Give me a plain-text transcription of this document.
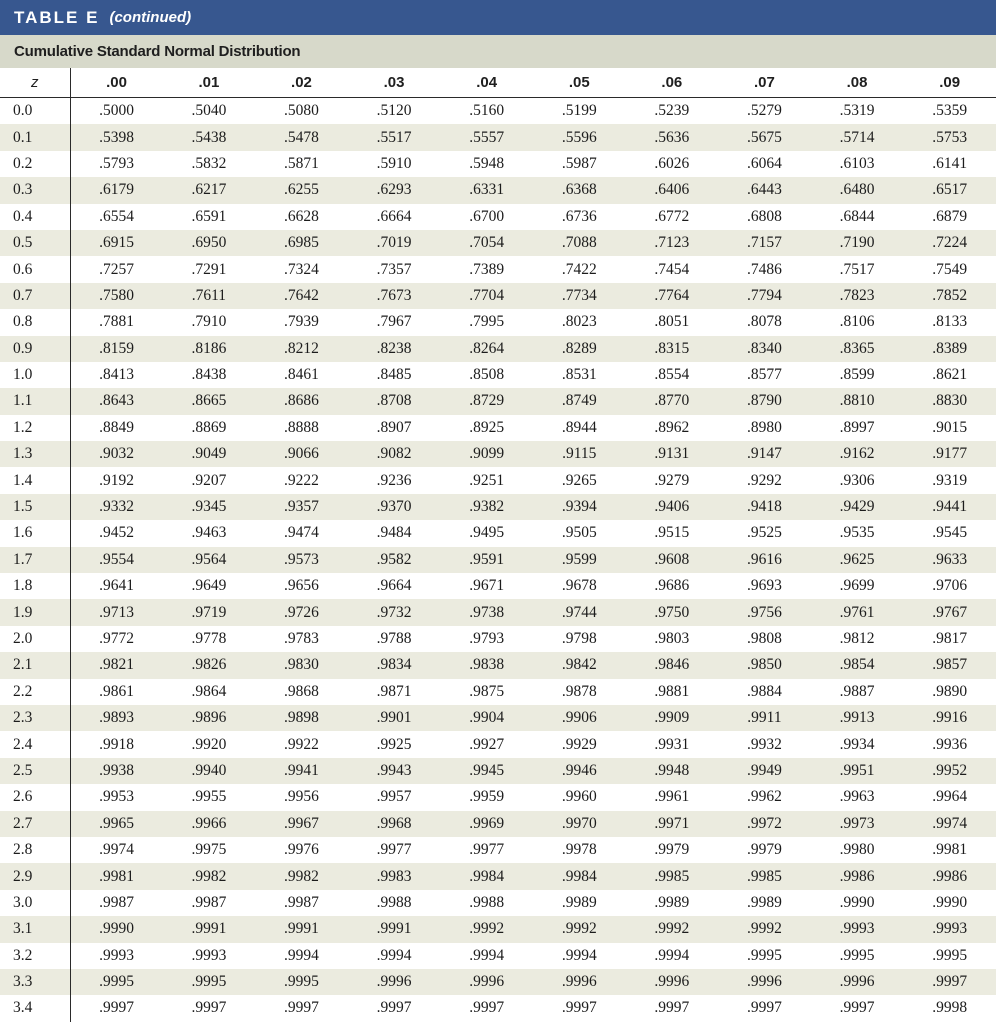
TABLE E (continued)
Cumulative Standard Normal Distribution
z	.00	.01	.02	.03	.04	.05	.06	.07	.08	.09
0.0	.5000	.5040	.5080	.5120	.5160	.5199	.5239	.5279	.5319	.5359
0.1	.5398	.5438	.5478	.5517	.5557	.5596	.5636	.5675	.5714	.5753
0.2	.5793	.5832	.5871	.5910	.5948	.5987	.6026	.6064	.6103	.6141
0.3	.6179	.6217	.6255	.6293	.6331	.6368	.6406	.6443	.6480	.6517
0.4	.6554	.6591	.6628	.6664	.6700	.6736	.6772	.6808	.6844	.6879
0.5	.6915	.6950	.6985	.7019	.7054	.7088	.7123	.7157	.7190	.7224
0.6	.7257	.7291	.7324	.7357	.7389	.7422	.7454	.7486	.7517	.7549
0.7	.7580	.7611	.7642	.7673	.7704	.7734	.7764	.7794	.7823	.7852
0.8	.7881	.7910	.7939	.7967	.7995	.8023	.8051	.8078	.8106	.8133
0.9	.8159	.8186	.8212	.8238	.8264	.8289	.8315	.8340	.8365	.8389
1.0	.8413	.8438	.8461	.8485	.8508	.8531	.8554	.8577	.8599	.8621
1.1	.8643	.8665	.8686	.8708	.8729	.8749	.8770	.8790	.8810	.8830
1.2	.8849	.8869	.8888	.8907	.8925	.8944	.8962	.8980	.8997	.9015
1.3	.9032	.9049	.9066	.9082	.9099	.9115	.9131	.9147	.9162	.9177
1.4	.9192	.9207	.9222	.9236	.9251	.9265	.9279	.9292	.9306	.9319
1.5	.9332	.9345	.9357	.9370	.9382	.9394	.9406	.9418	.9429	.9441
1.6	.9452	.9463	.9474	.9484	.9495	.9505	.9515	.9525	.9535	.9545
1.7	.9554	.9564	.9573	.9582	.9591	.9599	.9608	.9616	.9625	.9633
1.8	.9641	.9649	.9656	.9664	.9671	.9678	.9686	.9693	.9699	.9706
1.9	.9713	.9719	.9726	.9732	.9738	.9744	.9750	.9756	.9761	.9767
2.0	.9772	.9778	.9783	.9788	.9793	.9798	.9803	.9808	.9812	.9817
2.1	.9821	.9826	.9830	.9834	.9838	.9842	.9846	.9850	.9854	.9857
2.2	.9861	.9864	.9868	.9871	.9875	.9878	.9881	.9884	.9887	.9890
2.3	.9893	.9896	.9898	.9901	.9904	.9906	.9909	.9911	.9913	.9916
2.4	.9918	.9920	.9922	.9925	.9927	.9929	.9931	.9932	.9934	.9936
2.5	.9938	.9940	.9941	.9943	.9945	.9946	.9948	.9949	.9951	.9952
2.6	.9953	.9955	.9956	.9957	.9959	.9960	.9961	.9962	.9963	.9964
2.7	.9965	.9966	.9967	.9968	.9969	.9970	.9971	.9972	.9973	.9974
2.8	.9974	.9975	.9976	.9977	.9977	.9978	.9979	.9979	.9980	.9981
2.9	.9981	.9982	.9982	.9983	.9984	.9984	.9985	.9985	.9986	.9986
3.0	.9987	.9987	.9987	.9988	.9988	.9989	.9989	.9989	.9990	.9990
3.1	.9990	.9991	.9991	.9991	.9992	.9992	.9992	.9992	.9993	.9993
3.2	.9993	.9993	.9994	.9994	.9994	.9994	.9994	.9995	.9995	.9995
3.3	.9995	.9995	.9995	.9996	.9996	.9996	.9996	.9996	.9996	.9997
3.4	.9997	.9997	.9997	.9997	.9997	.9997	.9997	.9997	.9997	.9998
